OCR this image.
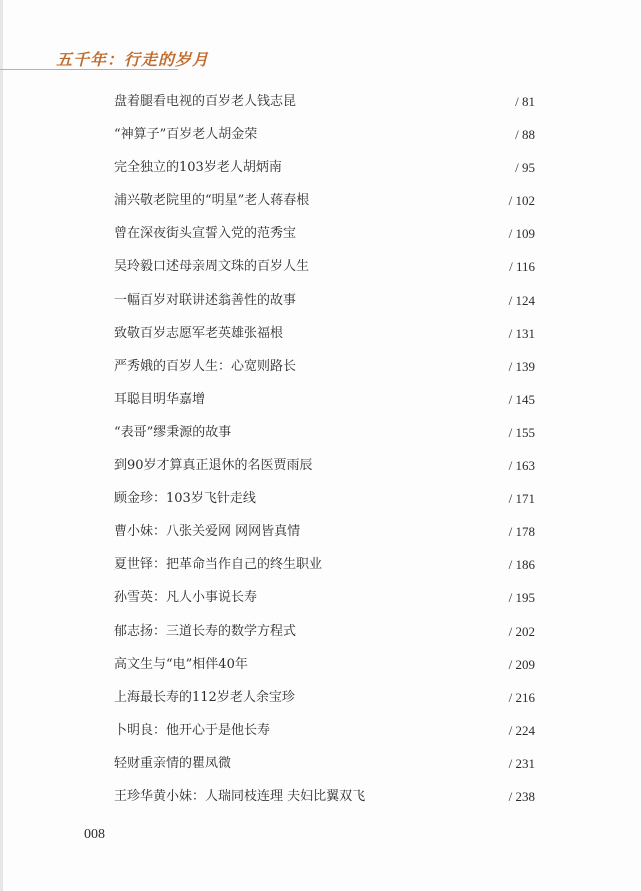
五千年：行走的岁月
盘着腿看电视的百岁老人钱志昆	/ 81
“神算子”百岁老人胡金荣	/ 88
完全独立的103岁老人胡炳南	/ 95
浦兴敬老院里的“明星”老人蒋春根	/ 102
曾在深夜街头宣誓入党的范秀宝	/ 109
吴玲毅口述母亲周文珠的百岁人生	/ 116
一幅百岁对联讲述翁善性的故事	/ 124
致敬百岁志愿军老英雄张福根	/ 131
严秀娥的百岁人生：心宽则路长	/ 139
耳聪目明华嘉增	/ 145
“表哥”缪秉源的故事	/ 155
到90岁才算真正退休的名医贾雨辰	/ 163
顾金珍：103岁飞针走线	/ 171
曹小妹：八张关爱网 网网皆真情	/ 178
夏世铎：把革命当作自己的终生职业	/ 186
孙雪英：凡人小事说长寿	/ 195
郁志扬：三道长寿的数学方程式	/ 202
高文生与“电”相伴40年	/ 209
上海最长寿的112岁老人余宝珍	/ 216
卜明良：他开心于是他长寿	/ 224
轻财重亲情的瞿凤微	/ 231
王珍华黄小妹：人瑞同枝连理 夫妇比翼双飞	/ 238
008
